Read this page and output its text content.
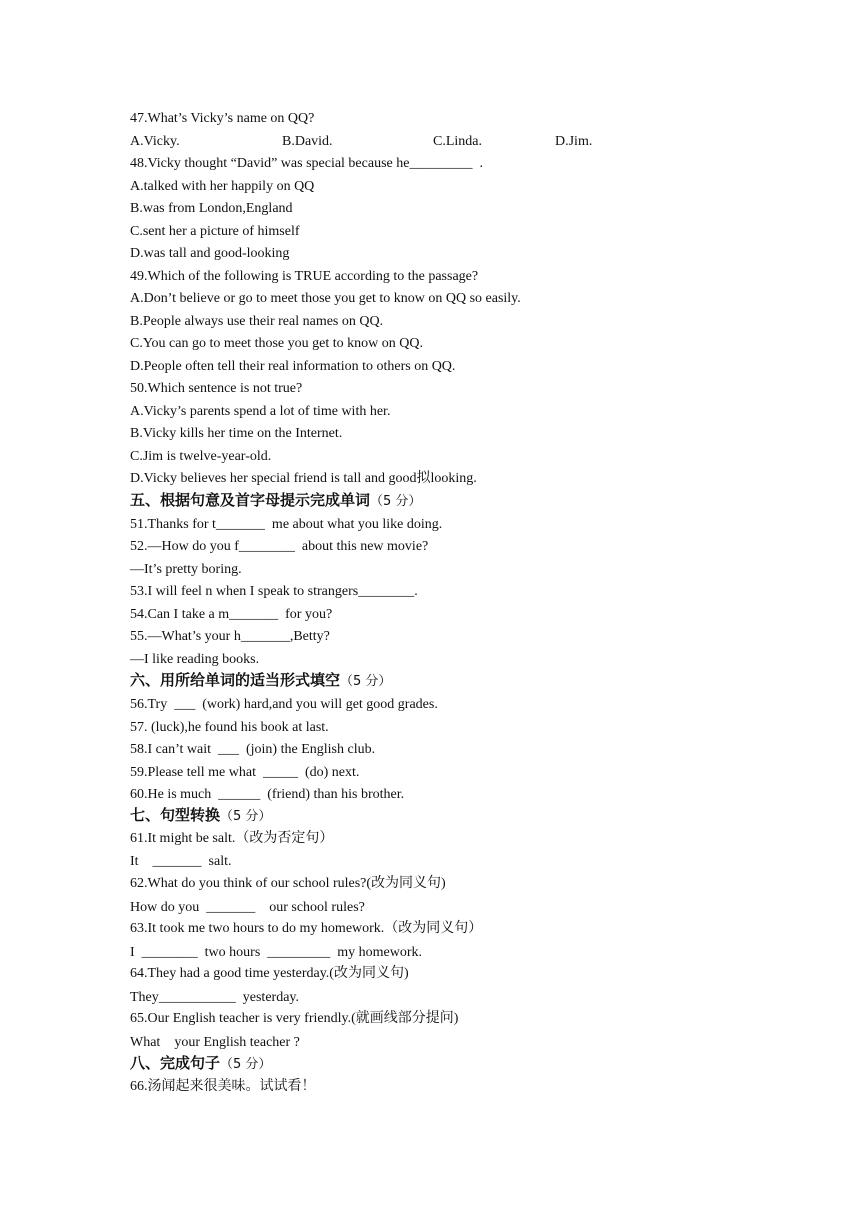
47.What’s Vicky’s name on QQ?
A.Vicky.	B.David.	C.Linda.	D.Jim.
48.Vicky thought “David” was special because he_________  .
A.talked with her happily on QQ
B.was from London,England
C.sent her a picture of himself
D.was tall and good-looking
49.Which of the following is TRUE according to the passage?
A.Don’t believe or go to meet those you get to know on QQ so easily.
B.People always use their real names on QQ.
C.You can go to meet those you get to know on QQ.
D.People often tell their real information to others on QQ.
50.Which sentence is not true?
A.Vicky’s parents spend a lot of time with her.
B.Vicky kills her time on the Internet.
C.Jim is twelve-year-old.
D.Vicky believes her special friend is tall and good拟looking.
五、根据句意及首字母提示完成单词（5 分）
51.Thanks for t_______  me about what you like doing.
52.—How do you f________  about this new movie?
—It’s pretty boring.
53.I will feel n when I speak to strangers________.
54.Can I take a m_______  for you?
55.—What’s your h_______,Betty?
—I like reading books.
六、用所给单词的适当形式填空（5 分）
56.Try  ___  (work) hard,and you will get good grades.
57. (luck),he found his book at last.
58.I can’t wait  ___  (join) the English club.
59.Please tell me what  _____  (do) next.
60.He is much  ______  (friend) than his brother.
七、句型转换（5 分）
61.It might be salt.（改为否定句）
It    _______  salt.
62.What do you think of our school rules?(改为同义句)
How do you  _______    our school rules?
63.It took me two hours to do my homework.（改为同义句）
I  ________  two hours  _________  my homework.
64.They had a good time yesterday.(改为同义句)
They___________  yesterday.
65.Our English teacher is very friendly.(就画线部分提问)
What    your English teacher ?
八、完成句子（5 分）
66.汤闻起来很美味。试试看！
